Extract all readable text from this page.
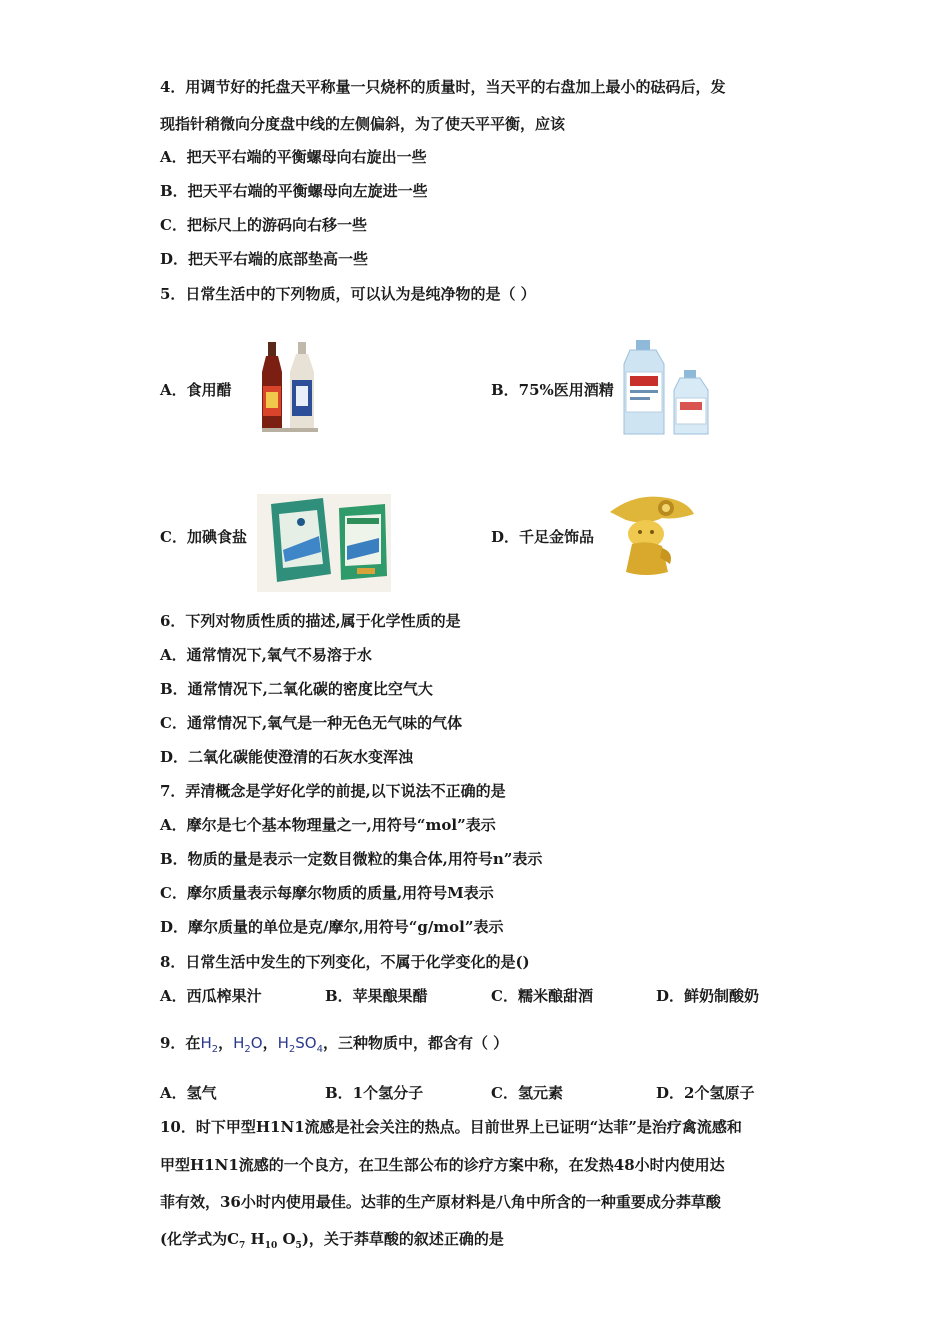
4．用调节好的托盘天平称量一只烧杯的质量时，当天平的右盘加上最小的砝码后，发
现指针稍微向分度盘中线的左侧偏斜，为了使天平平衡，应该
A．把天平右端的平衡螺母向右旋出一些
B．把天平右端的平衡螺母向左旋进一些
C．把标尺上的游码向右移一些
D．把天平右端的底部垫高一些
5．日常生活中的下列物质，可以认为是纯净物的是（ ）
A．食用醋	B．75%医用酒精
C．加碘食盐	D．千足金饰品
6．下列对物质性质的描述,属于化学性质的是
A．通常情况下,氧气不易溶于水
B．通常情况下,二氧化碳的密度比空气大
C．通常情况下,氧气是一种无色无气味的气体
D．二氧化碳能使澄清的石灰水变浑浊
7．弄清概念是学好化学的前提,以下说法不正确的是
A．摩尔是七个基本物理量之一,用符号“mol”表示
B．物质的量是表示一定数目微粒的集合体,用符号n”表示
C．摩尔质量表示每摩尔物质的质量,用符号M表示
D．摩尔质量的单位是克/摩尔,用符号“g/mol”表示
8．日常生活中发生的下列变化，不属于化学变化的是()
A．西瓜榨果汁	B．苹果酿果醋	C．糯米酿甜酒	D．鲜奶制酸奶
9．在$H_2$，$H_2O$，$H_2SO_4$，三种物质中，都含有（ ）
A．氢气	B．1个氢分子	C．氢元素	D．2个氢原子
10．时下甲型H1N1流感是社会关注的热点。目前世界上已证明“达菲”是治疗禽流感和
甲型H1N1流感的一个良方，在卫生部公布的诊疗方案中称，在发热48小时内使用达
菲有效，36小时内使用最佳。达菲的生产原材料是八角中所含的一种重要成分莽草酸
(化学式为$C_7$ $H_{10}$ $O_5$)，关于莽草酸的叙述正确的是
